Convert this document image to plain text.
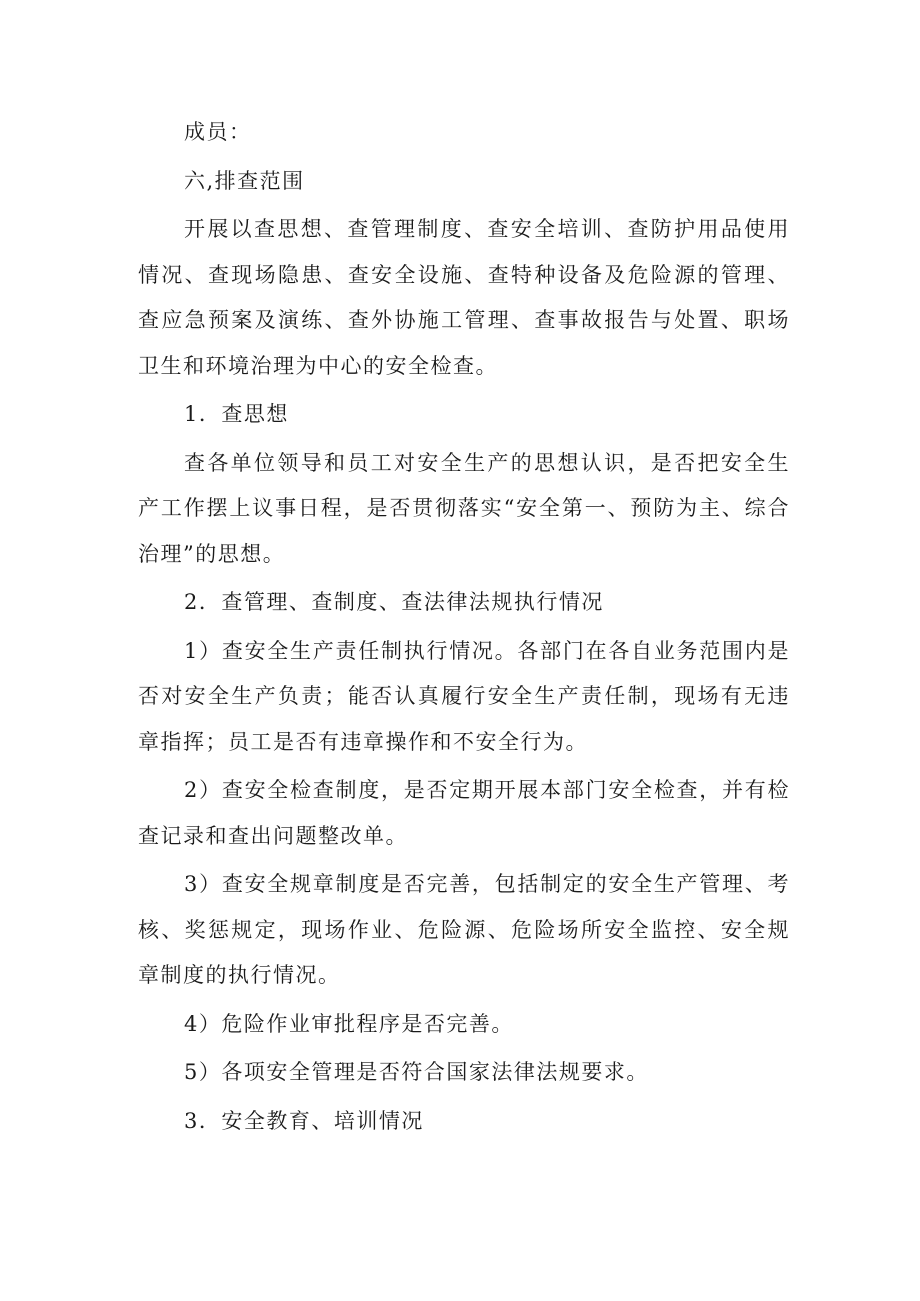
成员：

六,排查范围

开展以查思想、查管理制度、查安全培训、查防护用品使用情况、查现场隐患、查安全设施、查特种设备及危险源的管理、查应急预案及演练、查外协施工管理、查事故报告与处置、职场卫生和环境治理为中心的安全检查。

1．查思想

查各单位领导和员工对安全生产的思想认识，是否把安全生产工作摆上议事日程，是否贯彻落实“安全第一、预防为主、综合治理”的思想。

2．查管理、查制度、查法律法规执行情况

1）查安全生产责任制执行情况。各部门在各自业务范围内是否对安全生产负责；能否认真履行安全生产责任制，现场有无违章指挥；员工是否有违章操作和不安全行为。

2）查安全检查制度，是否定期开展本部门安全检查，并有检查记录和查出问题整改单。

3）查安全规章制度是否完善，包括制定的安全生产管理、考核、奖惩规定，现场作业、危险源、危险场所安全监控、安全规章制度的执行情况。

4）危险作业审批程序是否完善。

5）各项安全管理是否符合国家法律法规要求。

3．安全教育、培训情况
